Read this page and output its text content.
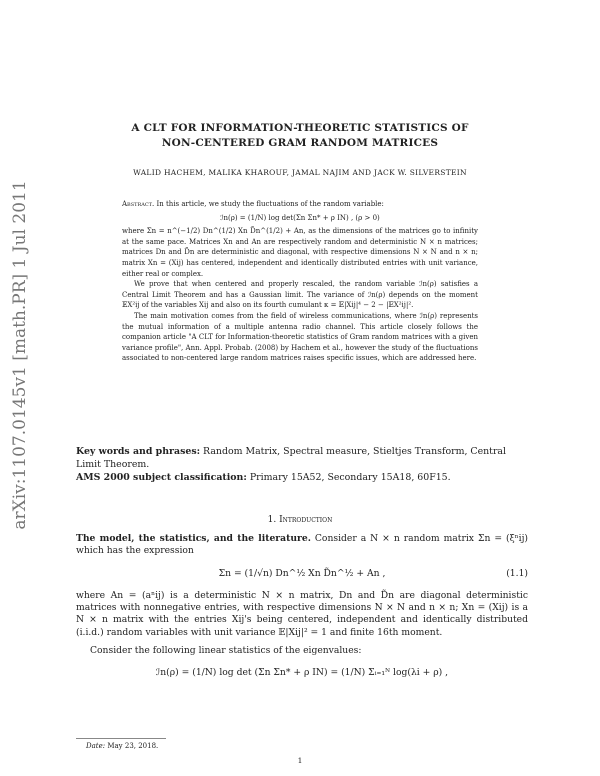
arXiv:1107.0145v1 [math.PR] 1 Jul 2011
A CLT FOR INFORMATION-THEORETIC STATISTICS OF
NON-CENTERED GRAM RANDOM MATRICES
WALID HACHEM, MALIKA KHAROUF, JAMAL NAJIM AND JACK W. SILVERSTEIN

Abstract. In this article, we study the fluctuations of the random variable:

ℐn(ρ) = (1/N) log det(Σn Σn* + ρ IN) , (ρ > 0)

where Σn = n^(−1/2) Dn^(1/2) Xn D̃n^(1/2) + An, as the dimensions of the matrices go to infinity at the same pace. Matrices Xn and An are respectively random and deterministic N × n matrices; matrices Dn and D̃n are deterministic and diagonal, with respective dimensions N × N and n × n; matrix Xn = (Xij) has centered, independent and identically distributed entries with unit variance, either real or complex.

We prove that when centered and properly rescaled, the random variable ℐn(ρ) satisfies a Central Limit Theorem and has a Gaussian limit. The variance of ℐn(ρ) depends on the moment 𝔼X²ij of the variables Xij and also on its fourth cumulant κ = 𝔼|Xij|⁴ − 2 − |𝔼X²ij|².

The main motivation comes from the field of wireless communications, where ℐn(ρ) represents the mutual information of a multiple antenna radio channel. This article closely follows the companion article "A CLT for Information-theoretic statistics of Gram random matrices with a given variance profile", Ann. Appl. Probab. (2008) by Hachem et al., however the study of the fluctuations associated to non-centered large random matrices raises specific issues, which are addressed here.

Key words and phrases: Random Matrix, Spectral measure, Stieltjes Transform, Central Limit Theorem.
AMS 2000 subject classification: Primary 15A52, Secondary 15A18, 60F15.
1. Introduction

The model, the statistics, and the literature. Consider a N × n random matrix Σn = (ξⁿij) which has the expression

Σn = (1/√n) Dn^½ Xn D̃n^½ + An ,	(1.1)

where An = (aⁿij) is a deterministic N × n matrix, Dn and D̃n are diagonal deterministic matrices with nonnegative entries, with respective dimensions N × N and n × n; Xn = (Xij) is a N × n matrix with the entries Xij's being centered, independent and identically distributed (i.i.d.) random variables with unit variance 𝔼|Xij|² = 1 and finite 16th moment.

Consider the following linear statistics of the eigenvalues:

ℐn(ρ) = (1/N) log det (Σn Σn* + ρ IN) = (1/N) Σᵢ₌₁ᴺ log(λi + ρ) ,
Date: May 23, 2018.
1
